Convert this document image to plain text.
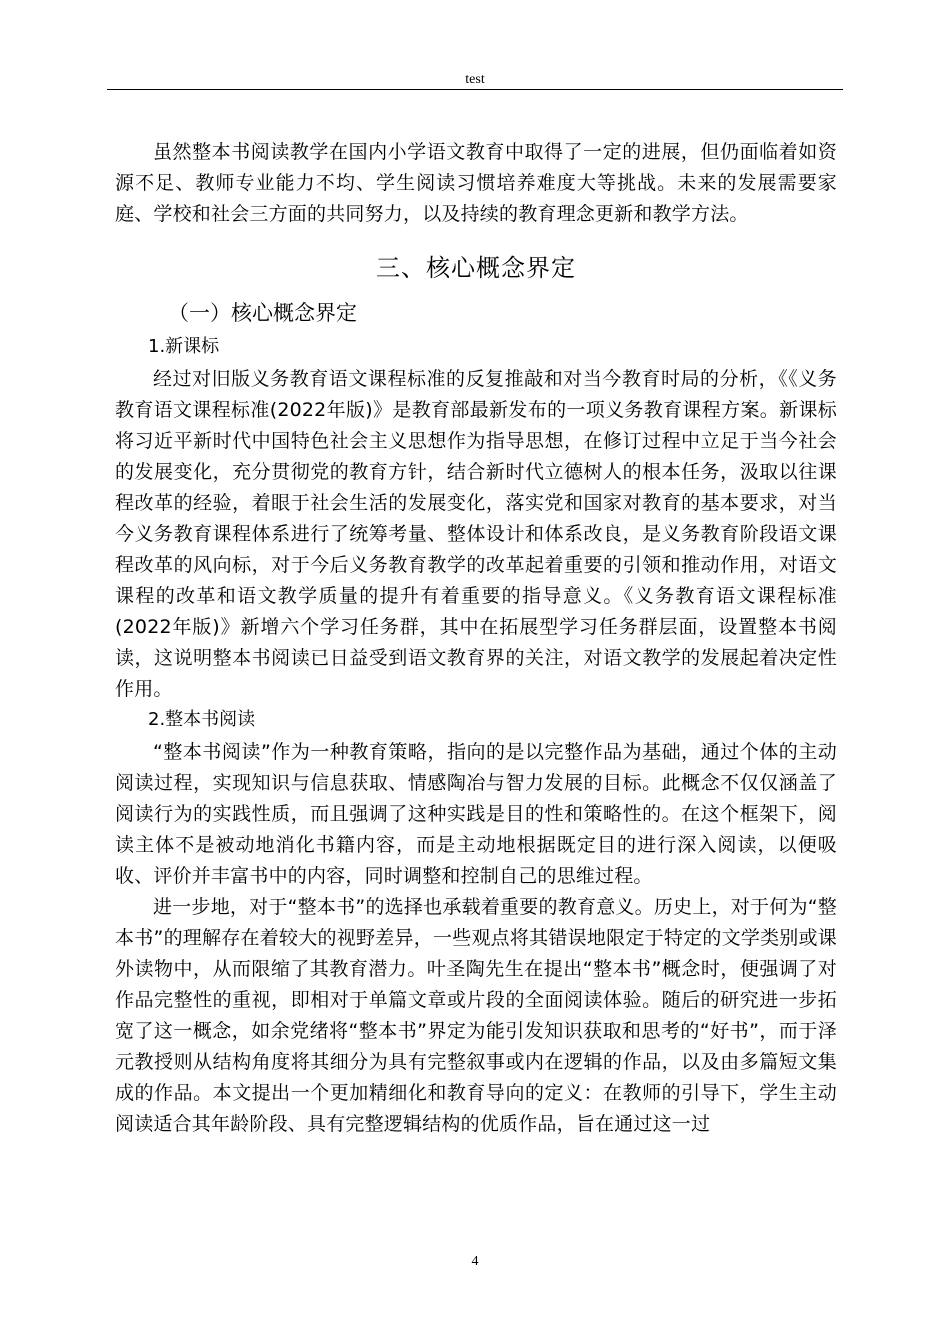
test

虽然整本书阅读教学在国内小学语文教育中取得了一定的进展，但仍面临着如资源不足、教师专业能力不均、学生阅读习惯培养难度大等挑战。未来的发展需要家庭、学校和社会三方面的共同努力，以及持续的教育理念更新和教学方法。

三、核心概念界定
（一）核心概念界定
1.新课标

经过对旧版义务教育语文课程标准的反复推敲和对当今教育时局的分析，《《义务教育语文课程标准(2022年版)》是教育部最新发布的一项义务教育课程方案。新课标将习近平新时代中国特色社会主义思想作为指导思想，在修订过程中立足于当今社会的发展变化，充分贯彻党的教育方针，结合新时代立德树人的根本任务，汲取以往课程改革的经验，着眼于社会生活的发展变化，落实党和国家对教育的基本要求，对当今义务教育课程体系进行了统筹考量、整体设计和体系改良，是义务教育阶段语文课程改革的风向标，对于今后义务教育教学的改革起着重要的引领和推动作用，对语文课程的改革和语文教学质量的提升有着重要的指导意义。《义务教育语文课程标准(2022年版)》新增六个学习任务群，其中在拓展型学习任务群层面，设置整本书阅读，这说明整本书阅读已日益受到语文教育界的关注，对语文教学的发展起着决定性作用。

2.整本书阅读

“整本书阅读”作为一种教育策略，指向的是以完整作品为基础，通过个体的主动阅读过程，实现知识与信息获取、情感陶冶与智力发展的目标。此概念不仅仅涵盖了阅读行为的实践性质，而且强调了这种实践是目的性和策略性的。在这个框架下，阅读主体不是被动地消化书籍内容，而是主动地根据既定目的进行深入阅读，以便吸收、评价并丰富书中的内容，同时调整和控制自己的思维过程。

进一步地，对于“整本书”的选择也承载着重要的教育意义。历史上，对于何为“整本书”的理解存在着较大的视野差异，一些观点将其错误地限定于特定的文学类别或课外读物中，从而限缩了其教育潜力。叶圣陶先生在提出“整本书”概念时，便强调了对作品完整性的重视，即相对于单篇文章或片段的全面阅读体验。随后的研究进一步拓宽了这一概念，如余党绪将“整本书”界定为能引发知识获取和思考的“好书”，而于泽元教授则从结构角度将其细分为具有完整叙事或内在逻辑的作品，以及由多篇短文集成的作品。本文提出一个更加精细化和教育导向的定义：在教师的引导下，学生主动阅读适合其年龄阶段、具有完整逻辑结构的优质作品，旨在通过这一过

4
